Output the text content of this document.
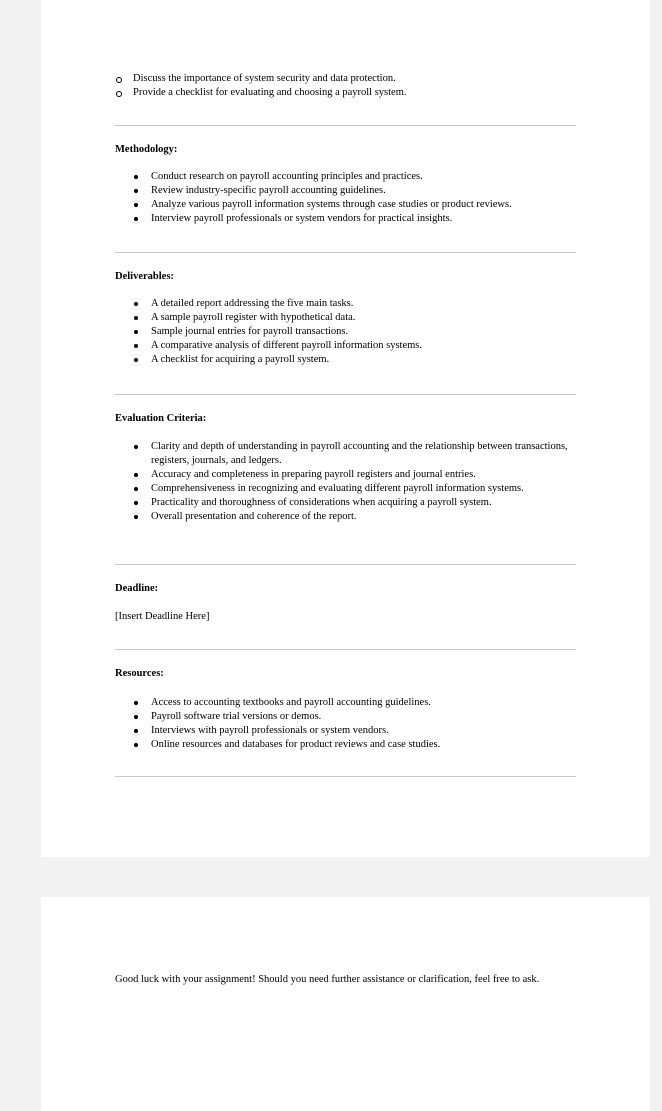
Discuss the importance of system security and data protection.
Provide a checklist for evaluating and choosing a payroll system.
Methodology:
Conduct research on payroll accounting principles and practices.
Review industry-specific payroll accounting guidelines.
Analyze various payroll information systems through case studies or product reviews.
Interview payroll professionals or system vendors for practical insights.
Deliverables:
A detailed report addressing the five main tasks.
A sample payroll register with hypothetical data.
Sample journal entries for payroll transactions.
A comparative analysis of different payroll information systems.
A checklist for acquiring a payroll system.
Evaluation Criteria:
Clarity and depth of understanding in payroll accounting and the relationship between transactions, registers, journals, and ledgers.
Accuracy and completeness in preparing payroll registers and journal entries.
Comprehensiveness in recognizing and evaluating different payroll information systems.
Practicality and thoroughness of considerations when acquiring a payroll system.
Overall presentation and coherence of the report.
Deadline:
[Insert Deadline Here]
Resources:
Access to accounting textbooks and payroll accounting guidelines.
Payroll software trial versions or demos.
Interviews with payroll professionals or system vendors.
Online resources and databases for product reviews and case studies.
Good luck with your assignment! Should you need further assistance or clarification, feel free to ask.
